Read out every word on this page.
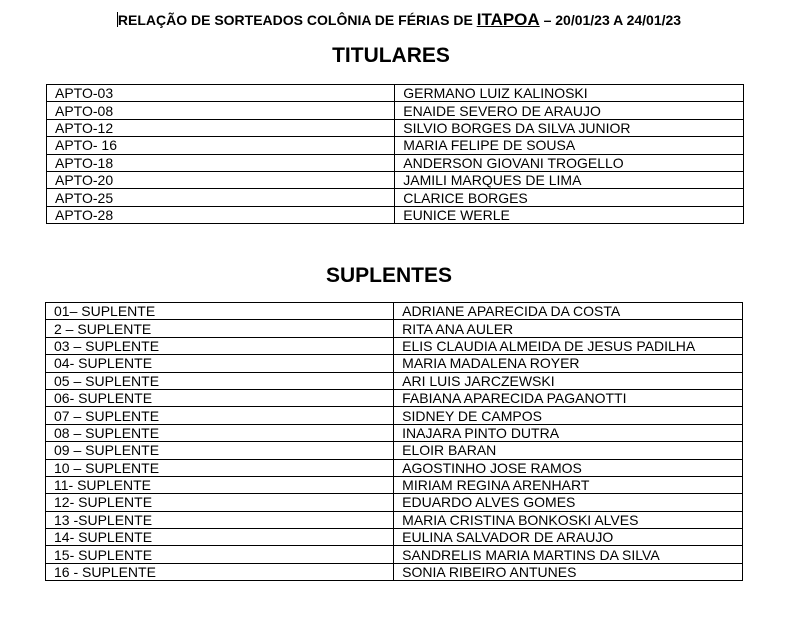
RELAÇÃO DE SORTEADOS COLÔNIA DE FÉRIAS DE ITAPOA – 20/01/23 A 24/01/23
TITULARES
APTO-03	GERMANO LUIZ KALINOSKI
APTO-08	ENAIDE SEVERO DE ARAUJO
APTO-12	SILVIO BORGES DA SILVA JUNIOR
APTO- 16	MARIA FELIPE DE SOUSA
APTO-18	ANDERSON GIOVANI TROGELLO
APTO-20	JAMILI MARQUES DE LIMA
APTO-25	CLARICE BORGES
APTO-28	EUNICE WERLE
SUPLENTES
01– SUPLENTE	ADRIANE APARECIDA DA COSTA
2 – SUPLENTE	RITA ANA AULER
03 – SUPLENTE	ELIS CLAUDIA ALMEIDA DE JESUS PADILHA
04- SUPLENTE	MARIA MADALENA ROYER
05 – SUPLENTE	ARI LUIS JARCZEWSKI
06- SUPLENTE	FABIANA APARECIDA PAGANOTTI
07 – SUPLENTE	SIDNEY DE CAMPOS
08 – SUPLENTE	INAJARA PINTO DUTRA
09 – SUPLENTE	ELOIR BARAN
10 – SUPLENTE	AGOSTINHO JOSE RAMOS
11- SUPLENTE	MIRIAM REGINA ARENHART
12- SUPLENTE	EDUARDO ALVES GOMES
13 -SUPLENTE	MARIA CRISTINA BONKOSKI ALVES
14- SUPLENTE	EULINA SALVADOR DE ARAUJO
15- SUPLENTE	SANDRELIS MARIA MARTINS DA SILVA
16 - SUPLENTE	SONIA RIBEIRO ANTUNES
